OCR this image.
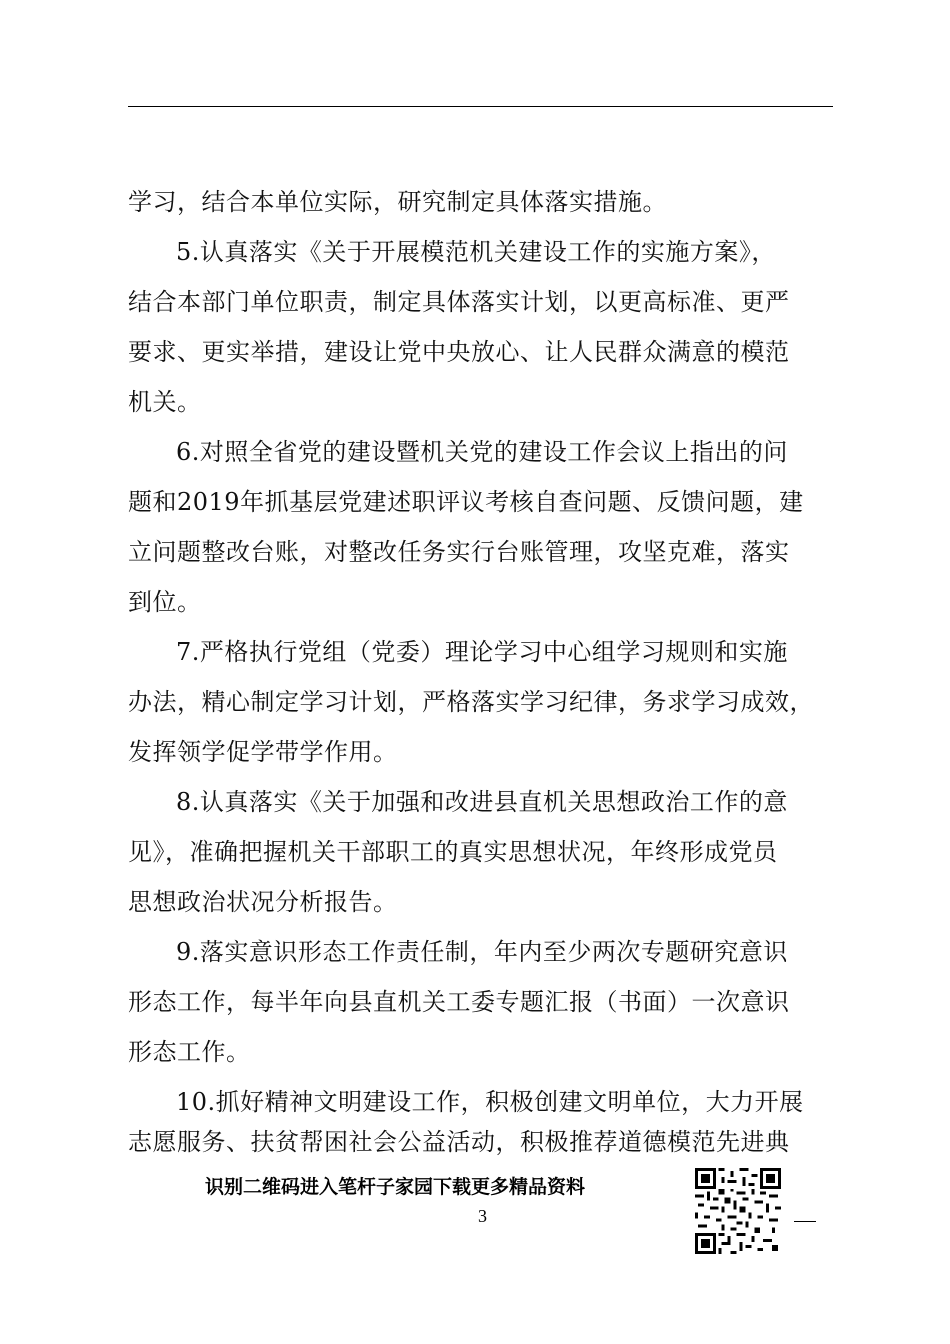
学习，结合本单位实际，研究制定具体落实措施。
5.认真落实《关于开展模范机关建设工作的实施方案》，
结合本部门单位职责，制定具体落实计划，以更高标准、更严
要求、更实举措，建设让党中央放心、让人民群众满意的模范
机关。
6.对照全省党的建设暨机关党的建设工作会议上指出的问
题和2019年抓基层党建述职评议考核自查问题、反馈问题，建
立问题整改台账，对整改任务实行台账管理，攻坚克难，落实
到位。
7.严格执行党组（党委）理论学习中心组学习规则和实施
办法，精心制定学习计划，严格落实学习纪律，务求学习成效，
发挥领学促学带学作用。
8.认真落实《关于加强和改进县直机关思想政治工作的意
见》，准确把握机关干部职工的真实思想状况，年终形成党员
思想政治状况分析报告。
9.落实意识形态工作责任制，年内至少两次专题研究意识
形态工作，每半年向县直机关工委专题汇报（书面）一次意识
形态工作。
10.抓好精神文明建设工作，积极创建文明单位，大力开展
志愿服务、扶贫帮困社会公益活动，积极推荐道德模范先进典
识别二维码进入笔杆子家园下载更多精品资料
3
